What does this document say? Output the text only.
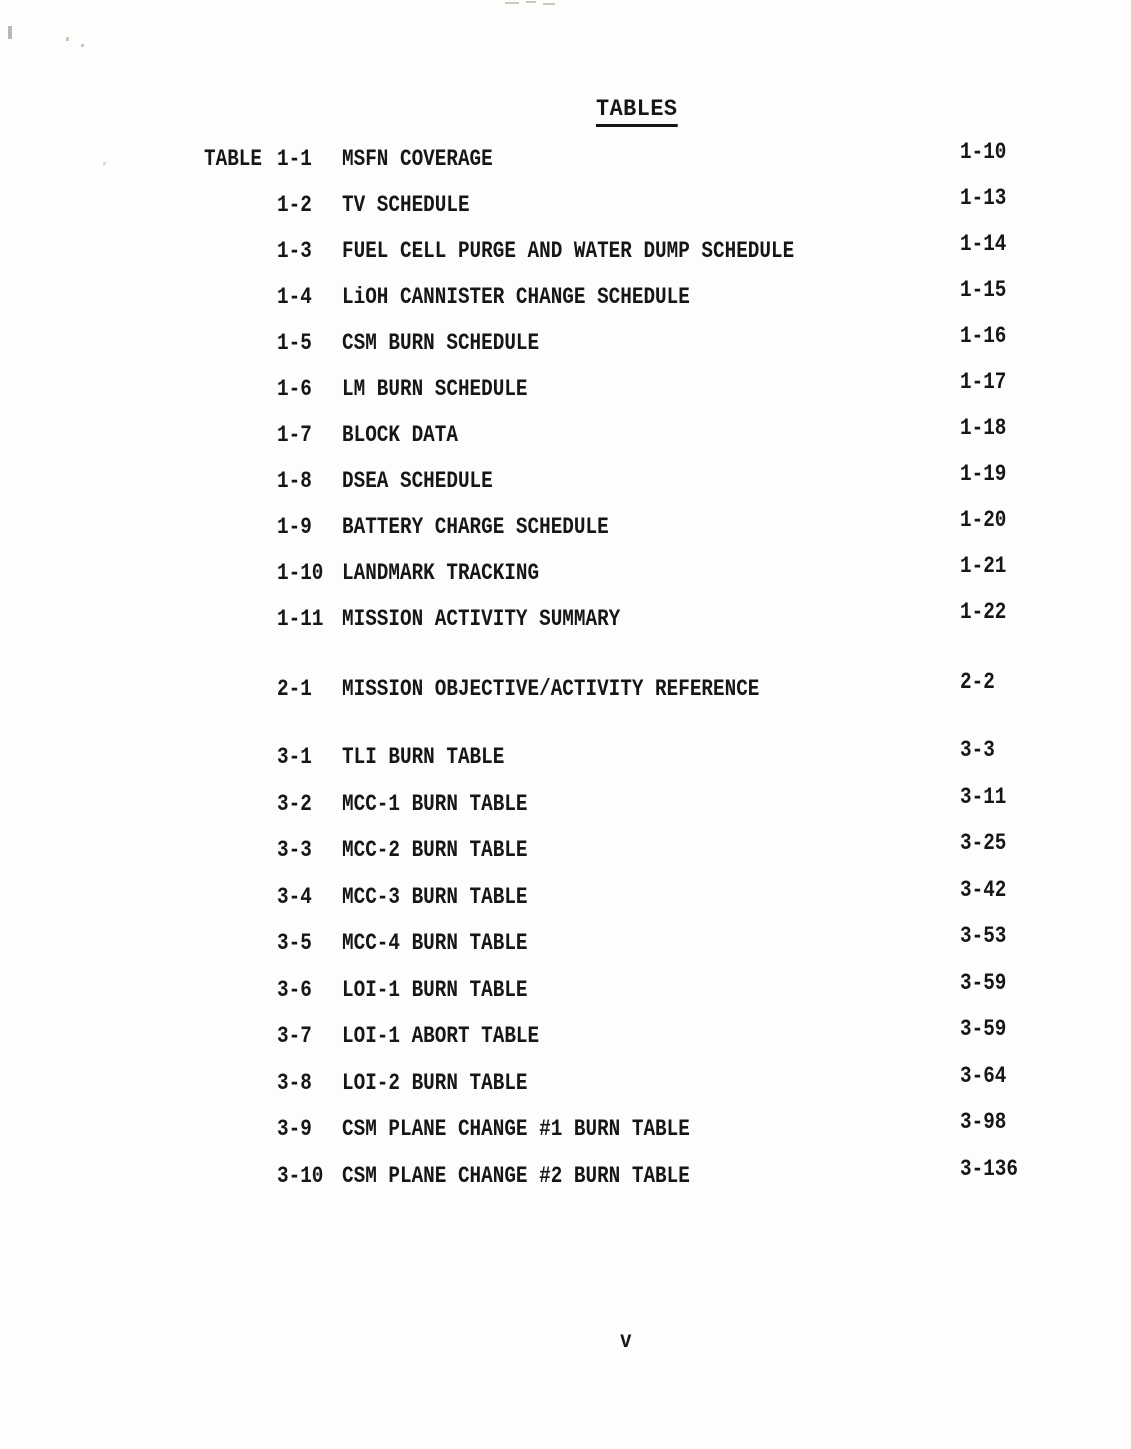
TABLES
TABLE 1-1 MSFN COVERAGE	1-10
1-2 TV SCHEDULE	1-13
1-3 FUEL CELL PURGE AND WATER DUMP SCHEDULE	1-14
1-4 LiOH CANNISTER CHANGE SCHEDULE	1-15
1-5 CSM BURN SCHEDULE	1-16
1-6 LM BURN SCHEDULE	1-17
1-7 BLOCK DATA	1-18
1-8 DSEA SCHEDULE	1-19
1-9 BATTERY CHARGE SCHEDULE	1-20
1-10 LANDMARK TRACKING	1-21
1-11 MISSION ACTIVITY SUMMARY	1-22
2-1 MISSION OBJECTIVE/ACTIVITY REFERENCE	2-2
3-1 TLI BURN TABLE	3-3
3-2 MCC-1 BURN TABLE	3-11
3-3 MCC-2 BURN TABLE	3-25
3-4 MCC-3 BURN TABLE	3-42
3-5 MCC-4 BURN TABLE	3-53
3-6 LOI-1 BURN TABLE	3-59
3-7 LOI-1 ABORT TABLE	3-59
3-8 LOI-2 BURN TABLE	3-64
3-9 CSM PLANE CHANGE #1 BURN TABLE	3-98
3-10 CSM PLANE CHANGE #2 BURN TABLE	3-136
v
